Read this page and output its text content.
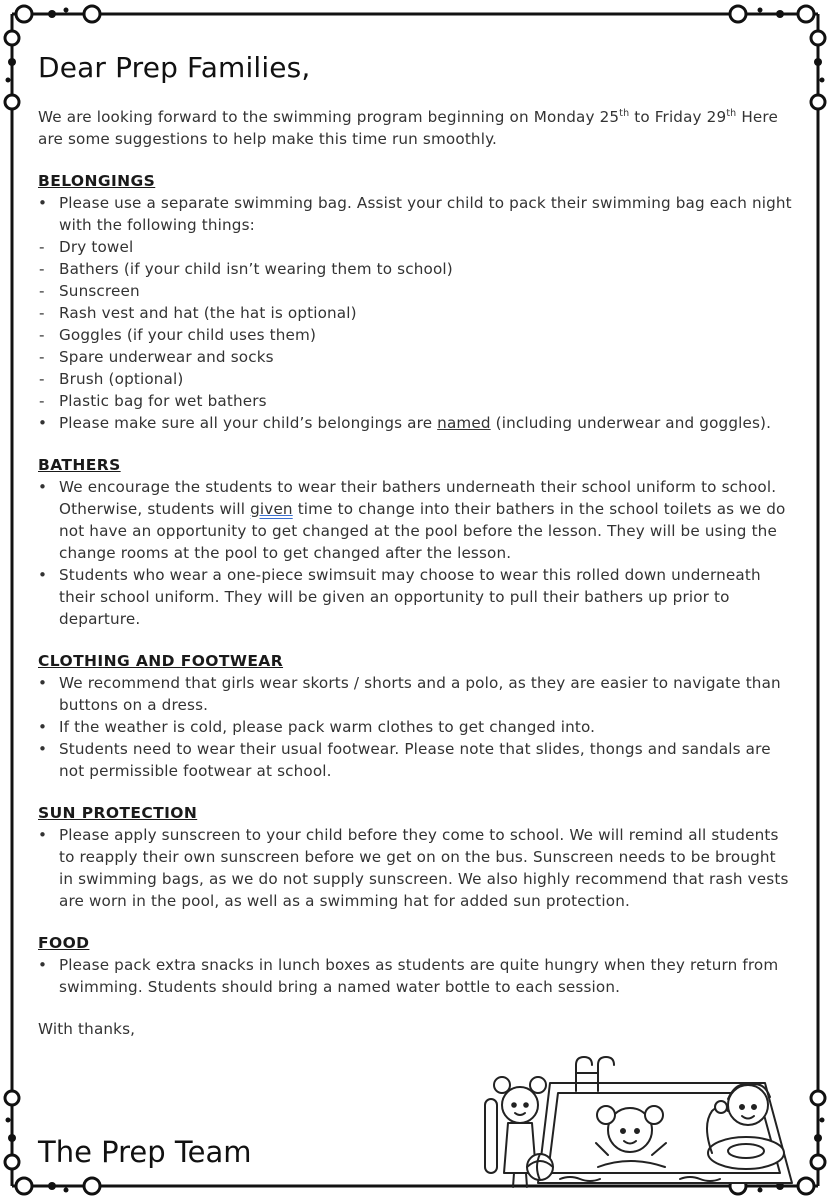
Dear Prep Families,

We are looking forward to the swimming program beginning on Monday 25th to Friday 29th Here are some suggestions to help make this time run smoothly.

BELONGINGS
• Please use a separate swimming bag. Assist your child to pack their swimming bag each night with the following things:
- Dry towel
- Bathers (if your child isn’t wearing them to school)
- Sunscreen
- Rash vest and hat (the hat is optional)
- Goggles (if your child uses them)
- Spare underwear and socks
- Brush (optional)
- Plastic bag for wet bathers
• Please make sure all your child’s belongings are named (including underwear and goggles).
BATHERS
• We encourage the students to wear their bathers underneath their school uniform to school. Otherwise, students will given time to change into their bathers in the school toilets as we do not have an opportunity to get changed at the pool before the lesson. They will be using the change rooms at the pool to get changed after the lesson.
• Students who wear a one-piece swimsuit may choose to wear this rolled down underneath their school uniform. They will be given an opportunity to pull their bathers up prior to departure.
CLOTHING AND FOOTWEAR
• We recommend that girls wear skorts / shorts and a polo, as they are easier to navigate than buttons on a dress.
• If the weather is cold, please pack warm clothes to get changed into.
• Students need to wear their usual footwear. Please note that slides, thongs and sandals are not permissible footwear at school.
SUN PROTECTION
• Please apply sunscreen to your child before they come to school. We will remind all students to reapply their own sunscreen before we get on on the bus. Sunscreen needs to be brought in swimming bags, as we do not supply sunscreen. We also highly recommend that rash vests are worn in the pool, as well as a swimming hat for added sun protection.
FOOD
• Please pack extra snacks in lunch boxes as students are quite hungry when they return from swimming. Students should bring a named water bottle to each session.

With thanks,

The Prep Team
